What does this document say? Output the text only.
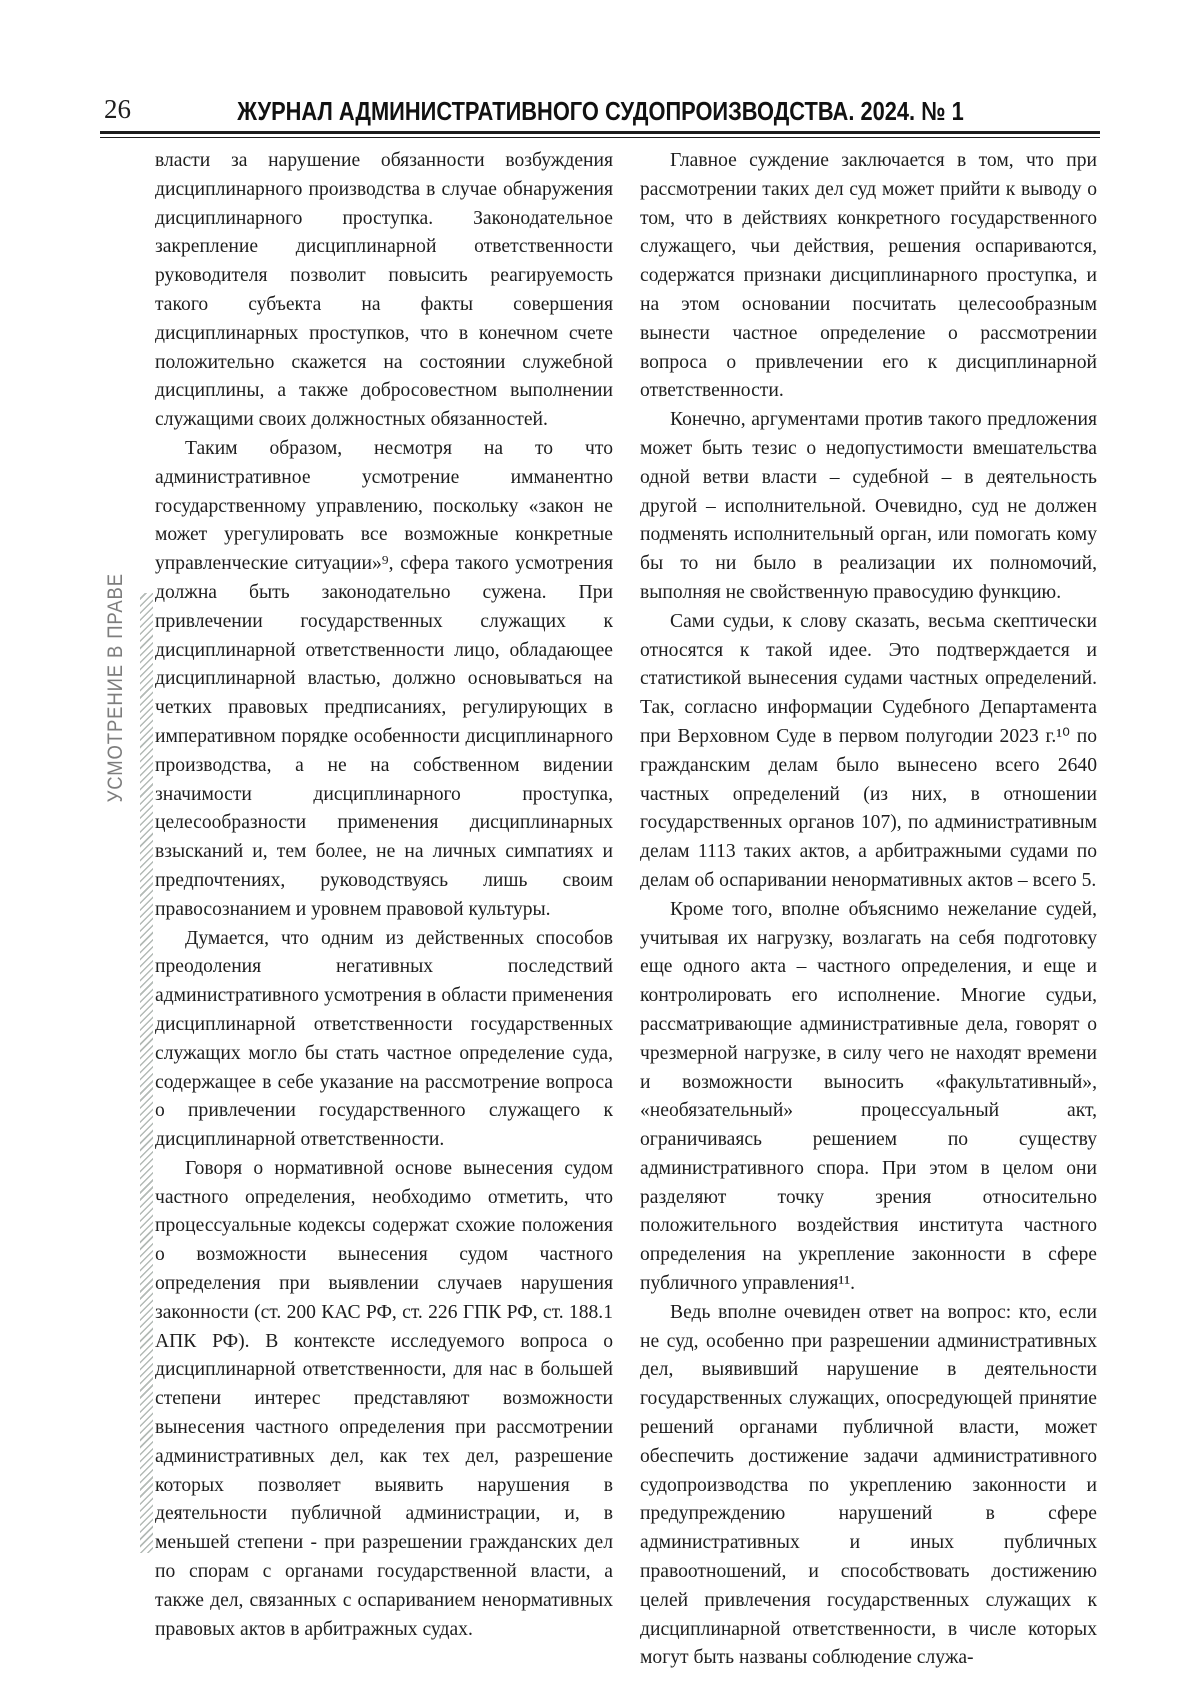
26	ЖУРНАЛ АДМИНИСТРАТИВНОГО СУДОПРОИЗВОДСТВА. 2024. № 1
УСМОТРЕНИЕ В ПРАВЕ

власти за нарушение обязанности возбуждения дисциплинарного производства в случае обнаружения дисциплинарного проступка. Законодательное закрепление дисциплинарной ответственности руководителя позволит повысить реагируемость такого субъекта на факты совершения дисциплинарных проступков, что в конечном счете положительно скажется на состоянии служебной дисциплины, а также добросовестном выполнении служащими своих должностных обязанностей.

Таким образом, несмотря на то что административное усмотрение имманентно государственному управлению, поскольку «закон не может урегулировать все возможные конкретные управленческие ситуации»⁹, сфера такого усмотрения должна быть законодательно сужена. При привлечении государственных служащих к дисциплинарной ответственности лицо, обладающее дисциплинарной властью, должно основываться на четких правовых предписаниях, регулирующих в императивном порядке особенности дисциплинарного производства, а не на собственном видении значимости дисциплинарного проступка, целесообразности применения дисциплинарных взысканий и, тем более, не на личных симпатиях и предпочтениях, руководствуясь лишь своим правосознанием и уровнем правовой культуры.

Думается, что одним из действенных способов преодоления негативных последствий административного усмотрения в области применения дисциплинарной ответственности государственных служащих могло бы стать частное определение суда, содержащее в себе указание на рассмотрение вопроса о привлечении государственного служащего к дисциплинарной ответственности.

Говоря о нормативной основе вынесения судом частного определения, необходимо отметить, что процессуальные кодексы содержат схожие положения о возможности вынесения судом частного определения при выявлении случаев нарушения законности (ст. 200 КАС РФ, ст. 226 ГПК РФ, ст. 188.1 АПК РФ). В контексте исследуемого вопроса о дисциплинарной ответственности, для нас в большей степени интерес представляют возможности вынесения частного определения при рассмотрении административных дел, как тех дел, разрешение которых позволяет выявить нарушения в деятельности публичной администрации, и, в меньшей степени - при разрешении гражданских дел по спорам с органами государственной власти, а также дел, связанных с оспариванием ненормативных правовых актов в арбитражных судах.

Главное суждение заключается в том, что при рассмотрении таких дел суд может прийти к выводу о том, что в действиях конкретного государственного служащего, чьи действия, решения оспариваются, содержатся признаки дисциплинарного проступка, и на этом основании посчитать целесообразным вынести частное определение о рассмотрении вопроса о привлечении его к дисциплинарной ответственности.

Конечно, аргументами против такого предложения может быть тезис о недопустимости вмешательства одной ветви власти – судебной – в деятельность другой – исполнительной. Очевидно, суд не должен подменять исполнительный орган, или помогать кому бы то ни было в реализации их полномочий, выполняя не свойственную правосудию функцию.

Сами судьи, к слову сказать, весьма скептически относятся к такой идее. Это подтверждается и статистикой вынесения судами частных определений. Так, согласно информации Судебного Департамента при Верховном Суде в первом полугодии 2023 г.¹⁰ по гражданским делам было вынесено всего 2640 частных определений (из них, в отношении государственных органов 107), по административным делам 1113 таких актов, а арбитражными судами по делам об оспаривании ненормативных актов – всего 5.

Кроме того, вполне объяснимо нежелание судей, учитывая их нагрузку, возлагать на себя подготовку еще одного акта – частного определения, и еще и контролировать его исполнение. Многие судьи, рассматривающие административные дела, говорят о чрезмерной нагрузке, в силу чего не находят времени и возможности выносить «факультативный», «необязательный» процессуальный акт, ограничиваясь решением по существу административного спора. При этом в целом они разделяют точку зрения относительно положительного воздействия института частного определения на укрепление законности в сфере публичного управления¹¹.

Ведь вполне очевиден ответ на вопрос: кто, если не суд, особенно при разрешении административных дел, выявивший нарушение в деятельности государственных служащих, опосредующей принятие решений органами публичной власти, может обеспечить достижение задачи административного судопроизводства по укреплению законности и предупреждению нарушений в сфере административных и иных публичных правоотношений, и способствовать достижению целей привлечения государственных служащих к дисциплинарной ответственности, в числе которых могут быть названы соблюдение служа-
